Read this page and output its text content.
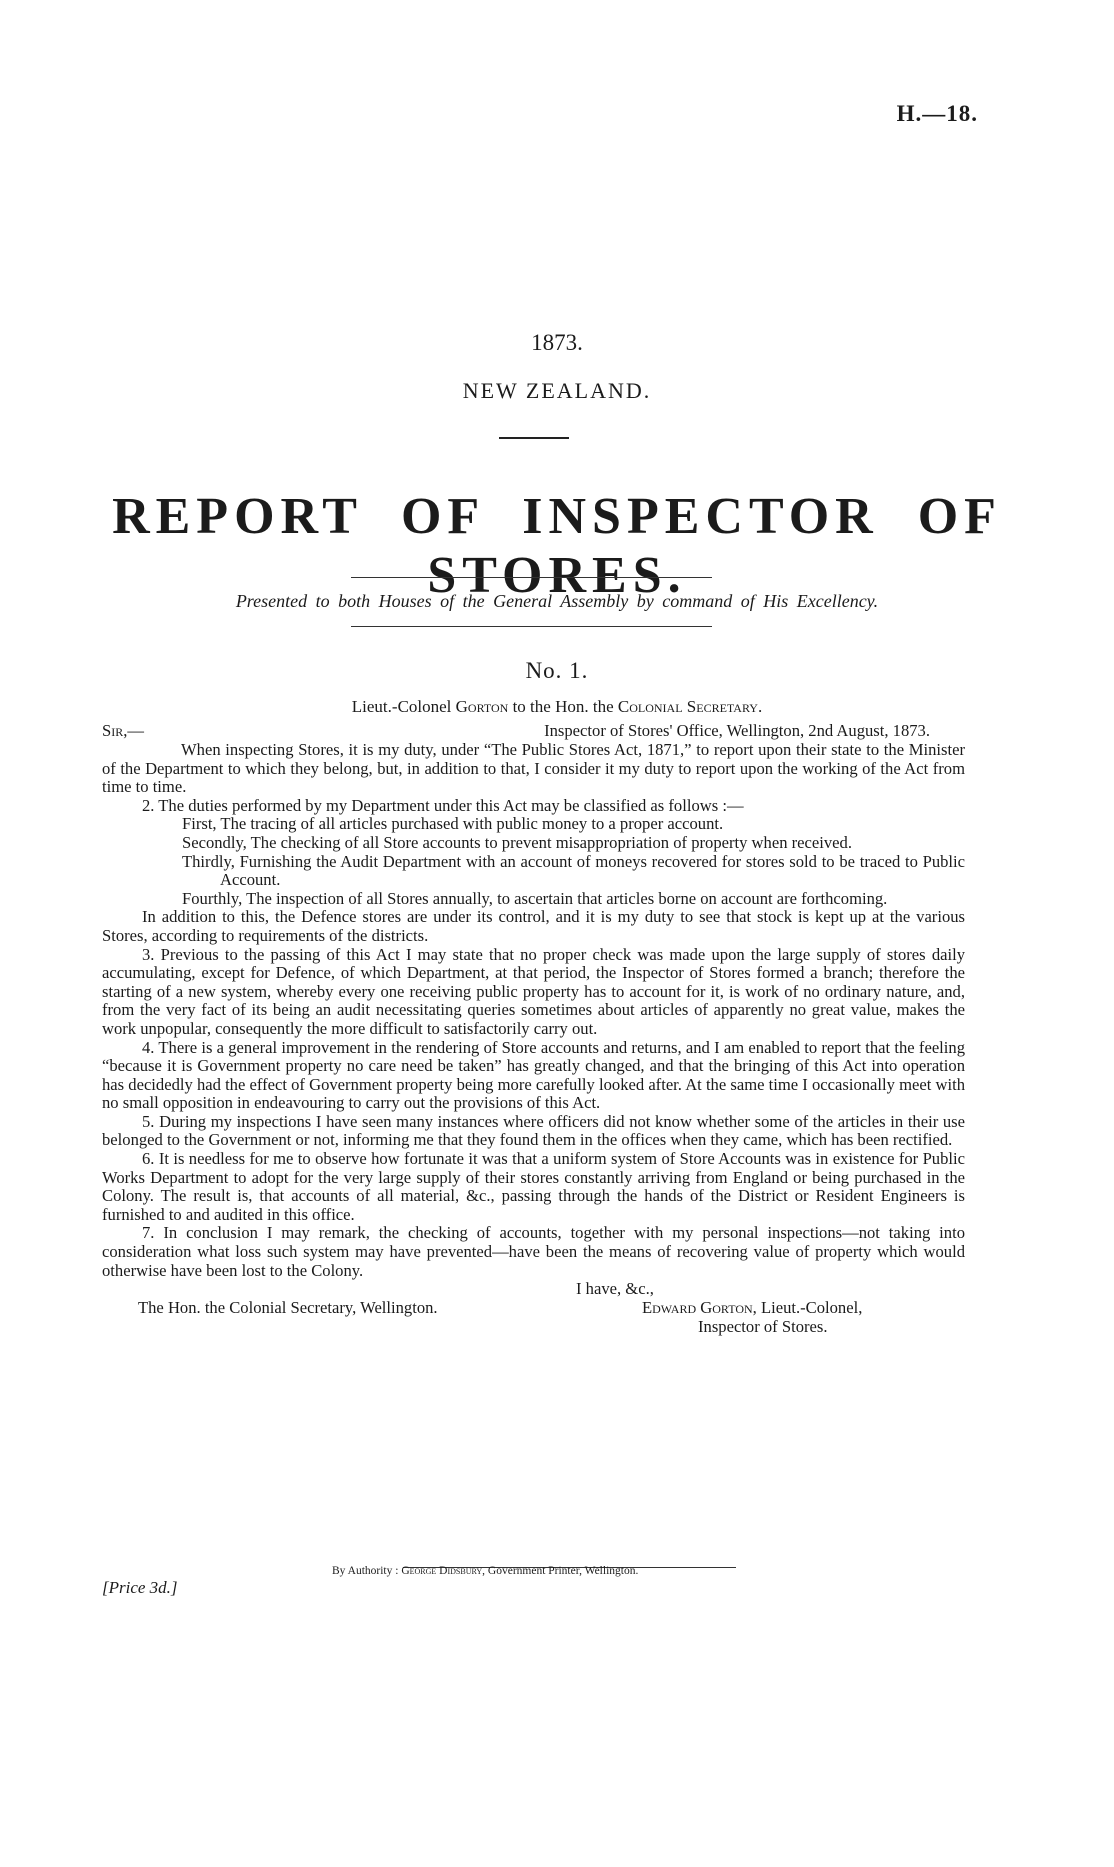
H.—18.
1873.
NEW ZEALAND.
REPORT OF INSPECTOR OF STORES.
Presented to both Houses of the General Assembly by command of His Excellency.
No. 1.
Lieut.-Colonel Gorton to the Hon. the Colonial Secretary.
Sir,—	Inspector of Stores' Office, Wellington, 2nd August, 1873.

When inspecting Stores, it is my duty, under “The Public Stores Act, 1871,” to report upon their state to the Minister of the Department to which they belong, but, in addition to that, I consider it my duty to report upon the working of the Act from time to time.

2. The duties performed by my Department under this Act may be classified as follows :—

First, The tracing of all articles purchased with public money to a proper account.
Secondly, The checking of all Store accounts to prevent misappropriation of property when received.
Thirdly, Furnishing the Audit Department with an account of moneys recovered for stores sold to be traced to Public Account.
Fourthly, The inspection of all Stores annually, to ascertain that articles borne on account are forthcoming.

In addition to this, the Defence stores are under its control, and it is my duty to see that stock is kept up at the various Stores, according to requirements of the districts.

3. Previous to the passing of this Act I may state that no proper check was made upon the large supply of stores daily accumulating, except for Defence, of which Department, at that period, the Inspector of Stores formed a branch; therefore the starting of a new system, whereby every one receiving public property has to account for it, is work of no ordinary nature, and, from the very fact of its being an audit necessitating queries sometimes about articles of apparently no great value, makes the work unpopular, consequently the more difficult to satisfactorily carry out.

4. There is a general improvement in the rendering of Store accounts and returns, and I am enabled to report that the feeling “because it is Government property no care need be taken” has greatly changed, and that the bringing of this Act into operation has decidedly had the effect of Government property being more carefully looked after. At the same time I occasionally meet with no small opposition in endeavouring to carry out the provisions of this Act.

5. During my inspections I have seen many instances where officers did not know whether some of the articles in their use belonged to the Government or not, informing me that they found them in the offices when they came, which has been rectified.

6. It is needless for me to observe how fortunate it was that a uniform system of Store Accounts was in existence for Public Works Department to adopt for the very large supply of their stores constantly arriving from England or being purchased in the Colony. The result is, that accounts of all material, &c., passing through the hands of the District or Resident Engineers is furnished to and audited in this office.

7. In conclusion I may remark, the checking of accounts, together with my personal inspections—not taking into consideration what loss such system may have prevented—have been the means of recovering value of property which would otherwise have been lost to the Colony.

I have, &c.,
The Hon. the Colonial Secretary, Wellington.	Edward Gorton, Lieut.-Colonel,
Inspector of Stores.
By Authority : George Didsbury, Government Printer, Wellington.
[Price 3d.]
